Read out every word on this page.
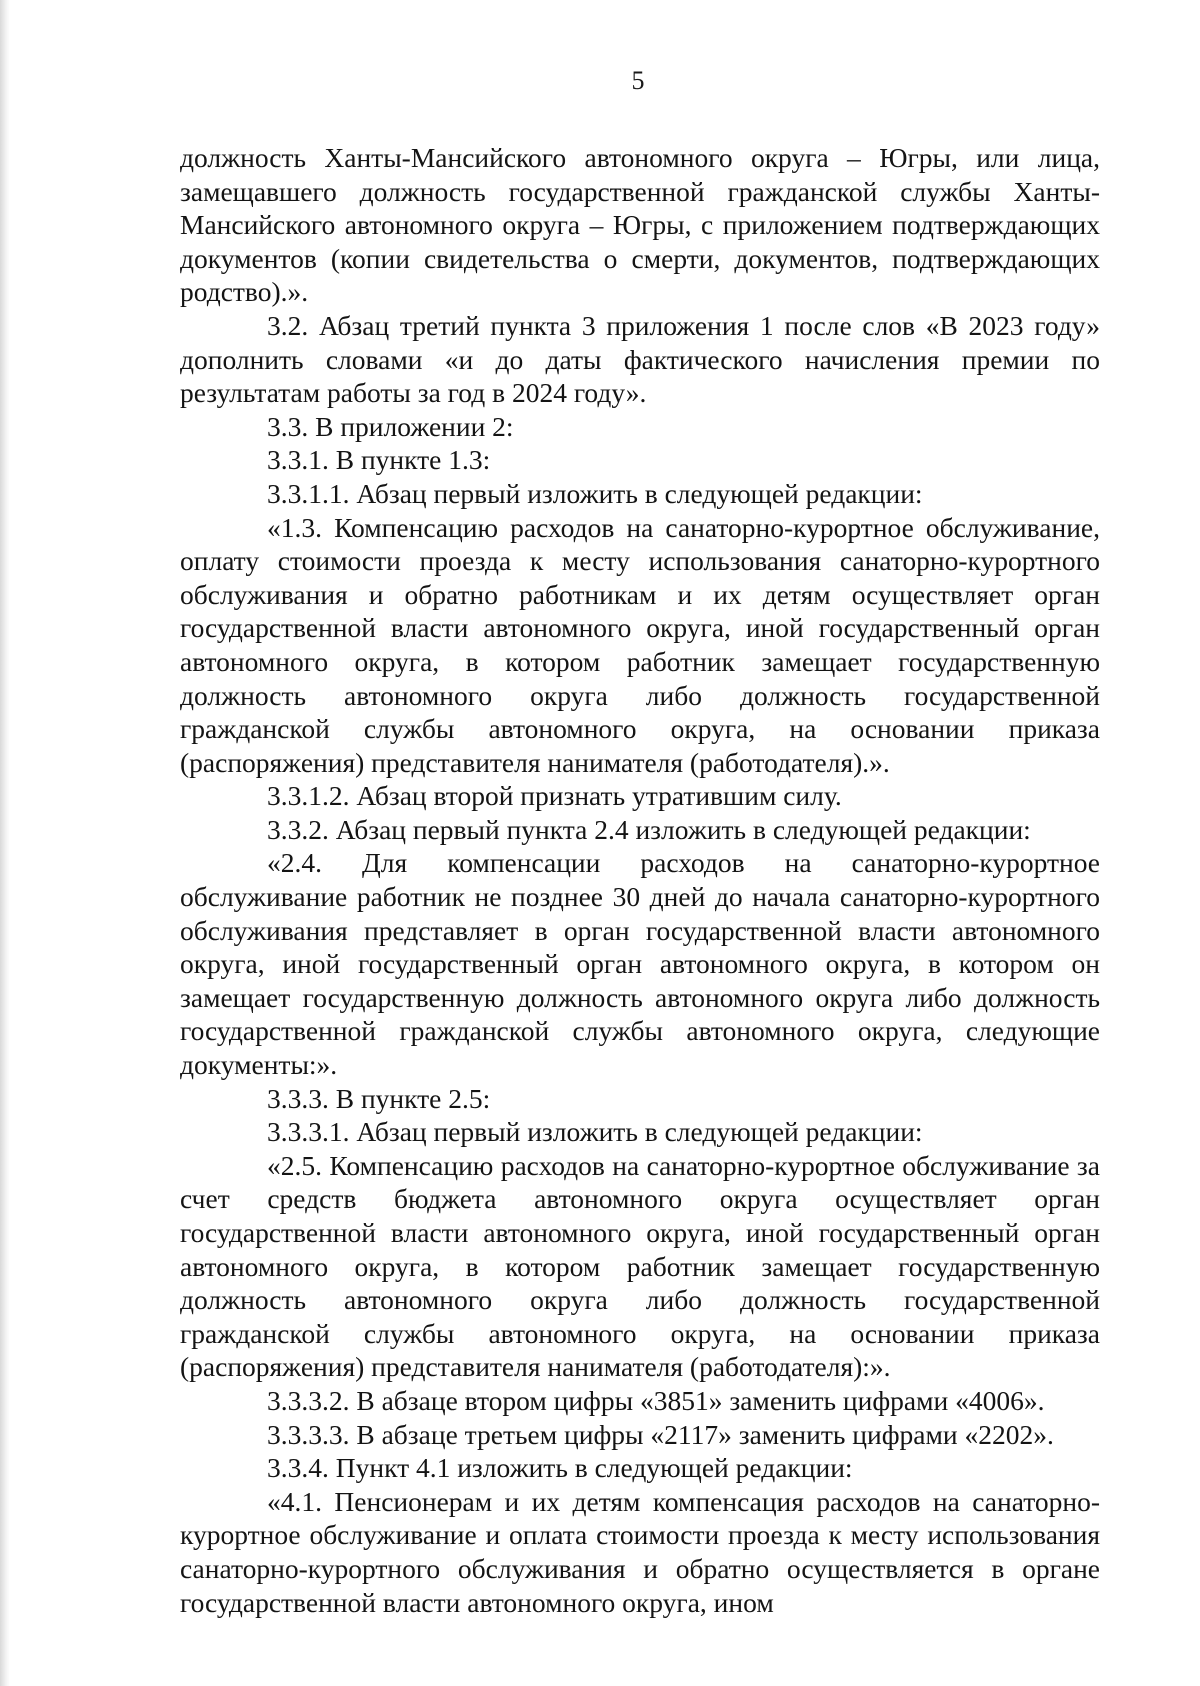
5

должность Ханты-Мансийского автономного округа – Югры, или лица, замещавшего должность государственной гражданской службы Ханты-Мансийского автономного округа – Югры, с приложением подтверждающих документов (копии свидетельства о смерти, документов, подтверждающих родство).».

3.2. Абзац третий пункта 3 приложения 1 после слов «В 2023 году» дополнить словами «и до даты фактического начисления премии по результатам работы за год в 2024 году».

3.3. В приложении 2:

3.3.1. В пункте 1.3:

3.3.1.1. Абзац первый изложить в следующей редакции:

«1.3. Компенсацию расходов на санаторно-курортное обслуживание, оплату стоимости проезда к месту использования санаторно-курортного обслуживания и обратно работникам и их детям осуществляет орган государственной власти автономного округа, иной государственный орган автономного округа, в котором работник замещает государственную должность автономного округа либо должность государственной гражданской службы автономного округа, на основании приказа (распоряжения) представителя нанимателя (работодателя).».

3.3.1.2. Абзац второй признать утратившим силу.

3.3.2. Абзац первый пункта 2.4 изложить в следующей редакции:

«2.4. Для компенсации расходов на санаторно-курортное обслуживание работник не позднее 30 дней до начала санаторно-курортного обслуживания представляет в орган государственной власти автономного округа, иной государственный орган автономного округа, в котором он замещает государственную должность автономного округа либо должность государственной гражданской службы автономного округа, следующие документы:».

3.3.3. В пункте 2.5:

3.3.3.1. Абзац первый изложить в следующей редакции:

«2.5. Компенсацию расходов на санаторно-курортное обслуживание за счет средств бюджета автономного округа осуществляет орган государственной власти автономного округа, иной государственный орган автономного округа, в котором работник замещает государственную должность автономного округа либо должность государственной гражданской службы автономного округа, на основании приказа (распоряжения) представителя нанимателя (работодателя):».

3.3.3.2. В абзаце втором цифры «3851» заменить цифрами «4006».

3.3.3.3. В абзаце третьем цифры «2117» заменить цифрами «2202».

3.3.4. Пункт 4.1 изложить в следующей редакции:

«4.1. Пенсионерам и их детям компенсация расходов на санаторно-курортное обслуживание и оплата стоимости проезда к месту использования санаторно-курортного обслуживания и обратно осуществляется в органе государственной власти автономного округа, ином
